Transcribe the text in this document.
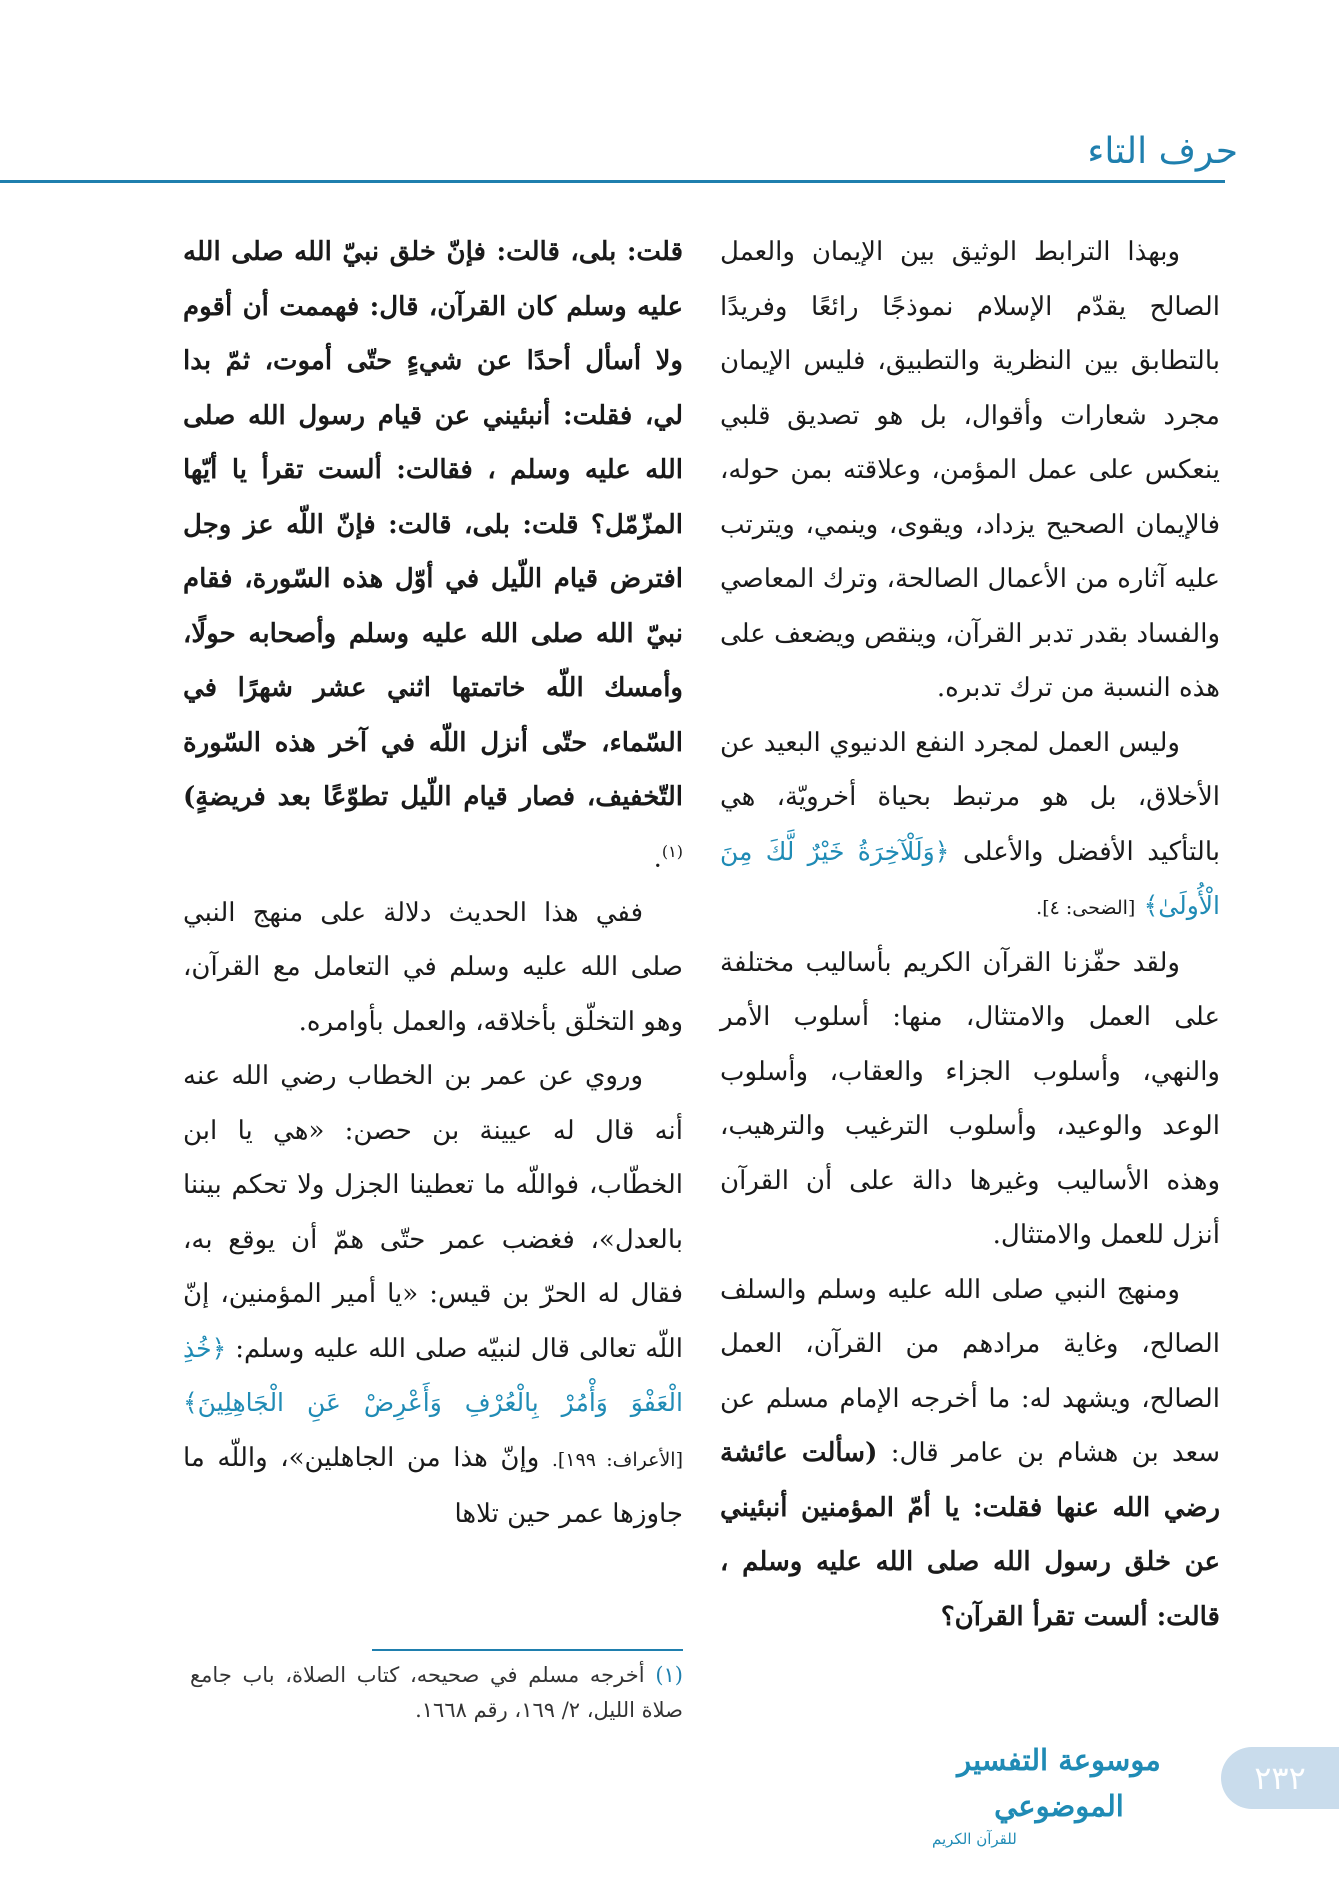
حرف التاء

وبهذا الترابط الوثيق بين الإيمان والعمل الصالح يقدّم الإسلام نموذجًا رائعًا وفريدًا بالتطابق بين النظرية والتطبيق، فليس الإيمان مجرد شعارات وأقوال، بل هو تصديق قلبي ينعكس على عمل المؤمن، وعلاقته بمن حوله، فالإيمان الصحيح يزداد، ويقوى، وينمي، ويترتب عليه آثاره من الأعمال الصالحة، وترك المعاصي والفساد بقدر تدبر القرآن، وينقص ويضعف على هذه النسبة من ترك تدبره.

وليس العمل لمجرد النفع الدنيوي البعيد عن الأخلاق، بل هو مرتبط بحياة أخرويّة، هي بالتأكيد الأفضل والأعلى ﴿وَلَلْآخِرَةُ خَيْرٌ لَّكَ مِنَ الْأُولَىٰ﴾ [الضحى: ٤].

ولقد حفّزنا القرآن الكريم بأساليب مختلفة على العمل والامتثال، منها: أسلوب الأمر والنهي، وأسلوب الجزاء والعقاب، وأسلوب الوعد والوعيد، وأسلوب الترغيب والترهيب، وهذه الأساليب وغيرها دالة على أن القرآن أنزل للعمل والامتثال.

ومنهج النبي صلى الله عليه وسلم والسلف الصالح، وغاية مرادهم من القرآن، العمل الصالح، ويشهد له: ما أخرجه الإمام مسلم عن سعد بن هشام بن عامر قال: (سألت عائشة رضي الله عنها فقلت: يا أمّ المؤمنين أنبئيني عن خلق رسول الله صلى الله عليه وسلم ، قالت: ألست تقرأ القرآن؟

قلت: بلى، قالت: فإنّ خلق نبيّ الله صلى الله عليه وسلم كان القرآن، قال: فهممت أن أقوم ولا أسأل أحدًا عن شيءٍ حتّى أموت، ثمّ بدا لي، فقلت: أنبئيني عن قيام رسول الله صلى الله عليه وسلم ، فقالت: ألست تقرأ يا أيّها المزّمّل؟ قلت: بلى، قالت: فإنّ اللّه عز وجل افترض قيام اللّيل في أوّل هذه السّورة، فقام نبيّ الله صلى الله عليه وسلم وأصحابه حولًا، وأمسك اللّه خاتمتها اثني عشر شهرًا في السّماء، حتّى أنزل اللّه في آخر هذه السّورة التّخفيف، فصار قيام اللّيل تطوّعًا بعد فريضةٍ)$^{(١)}$.

ففي هذا الحديث دلالة على منهج النبي صلى الله عليه وسلم في التعامل مع القرآن، وهو التخلّق بأخلاقه، والعمل بأوامره.

وروي عن عمر بن الخطاب رضي الله عنه أنه قال له عيينة بن حصن: «هي يا ابن الخطّاب، فواللّه ما تعطينا الجزل ولا تحكم بيننا بالعدل»، فغضب عمر حتّى همّ أن يوقع به، فقال له الحرّ بن قيس: «يا أمير المؤمنين، إنّ اللّه تعالى قال لنبيّه صلى الله عليه وسلم: ﴿خُذِ الْعَفْوَ وَأْمُرْ بِالْعُرْفِ وَأَعْرِضْ عَنِ الْجَاهِلِينَ﴾ [الأعراف: ١٩٩]. وإنّ هذا من الجاهلين»، واللّه ما جاوزها عمر حين تلاها

(١) أخرجه مسلم في صحيحه، كتاب الصلاة، باب جامع صلاة الليل، ٢/ ١٦٩، رقم ١٦٦٨.
موسوعة التفسير الموضوعي
للقرآن الكريم
٢٣٢
